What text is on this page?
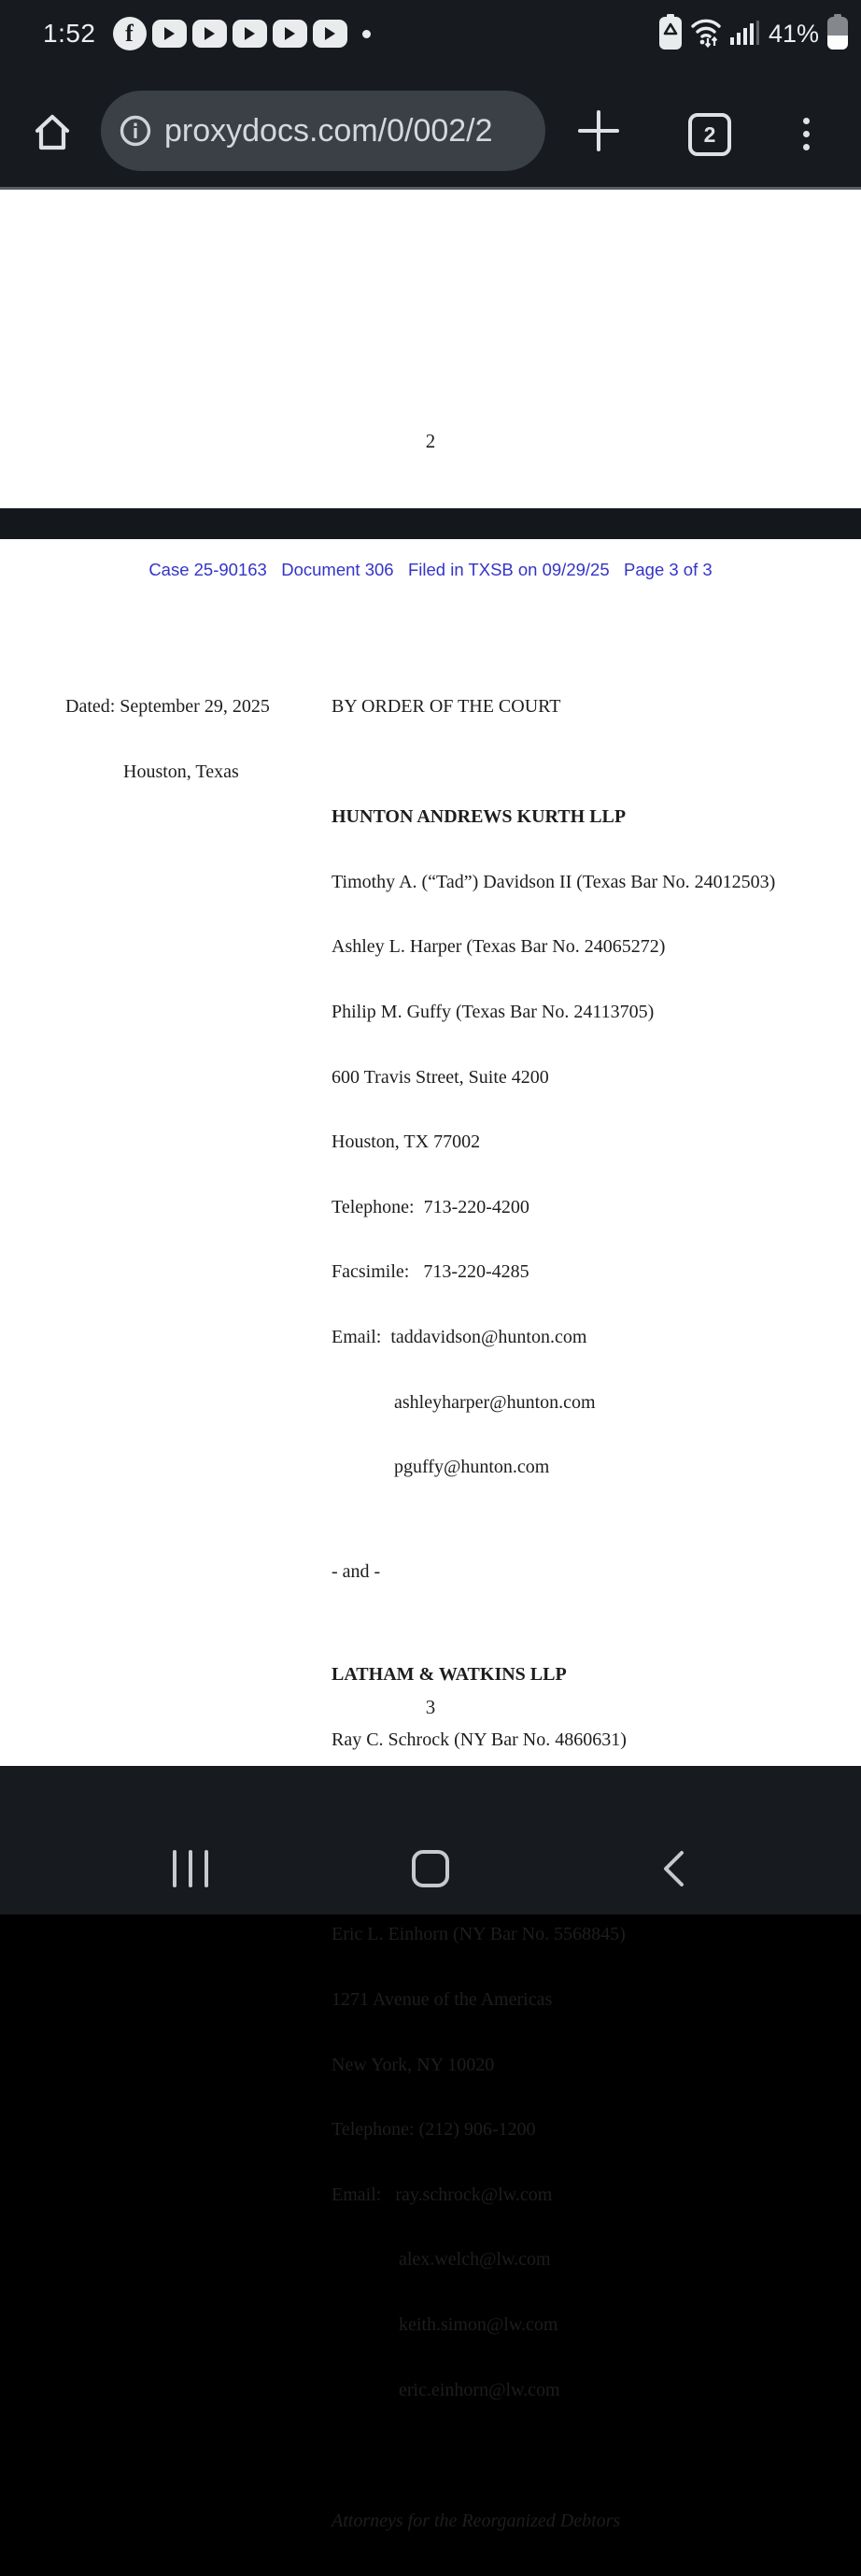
1:52	f	41%
proxydocs.com/0/002/2	2
2
Case 25-90163   Document 306   Filed in TXSB on 09/29/25   Page 3 of 3

Dated: September 29, 2025

Houston, Texas

BY ORDER OF THE COURT

HUNTON ANDREWS KURTH LLP

Timothy A. (“Tad”) Davidson II (Texas Bar No. 24012503)

Ashley L. Harper (Texas Bar No. 24065272)

Philip M. Guffy (Texas Bar No. 24113705)

600 Travis Street, Suite 4200

Houston, TX 77002

Telephone:  713-220-4200

Facsimile:   713-220-4285

Email:  taddavidson@hunton.com

ashleyharper@hunton.com

pguffy@hunton.com

- and -

LATHAM & WATKINS LLP

Ray C. Schrock (NY Bar No. 4860631)

Eric L. Einhorn (NY Bar No. 5568845)

1271 Avenue of the Americas

New York, NY 10020

Telephone: (212) 906-1200

Email:   ray.schrock@lw.com

alex.welch@lw.com

keith.simon@lw.com

eric.einhorn@lw.com

Attorneys for the Reorganized Debtors

3
